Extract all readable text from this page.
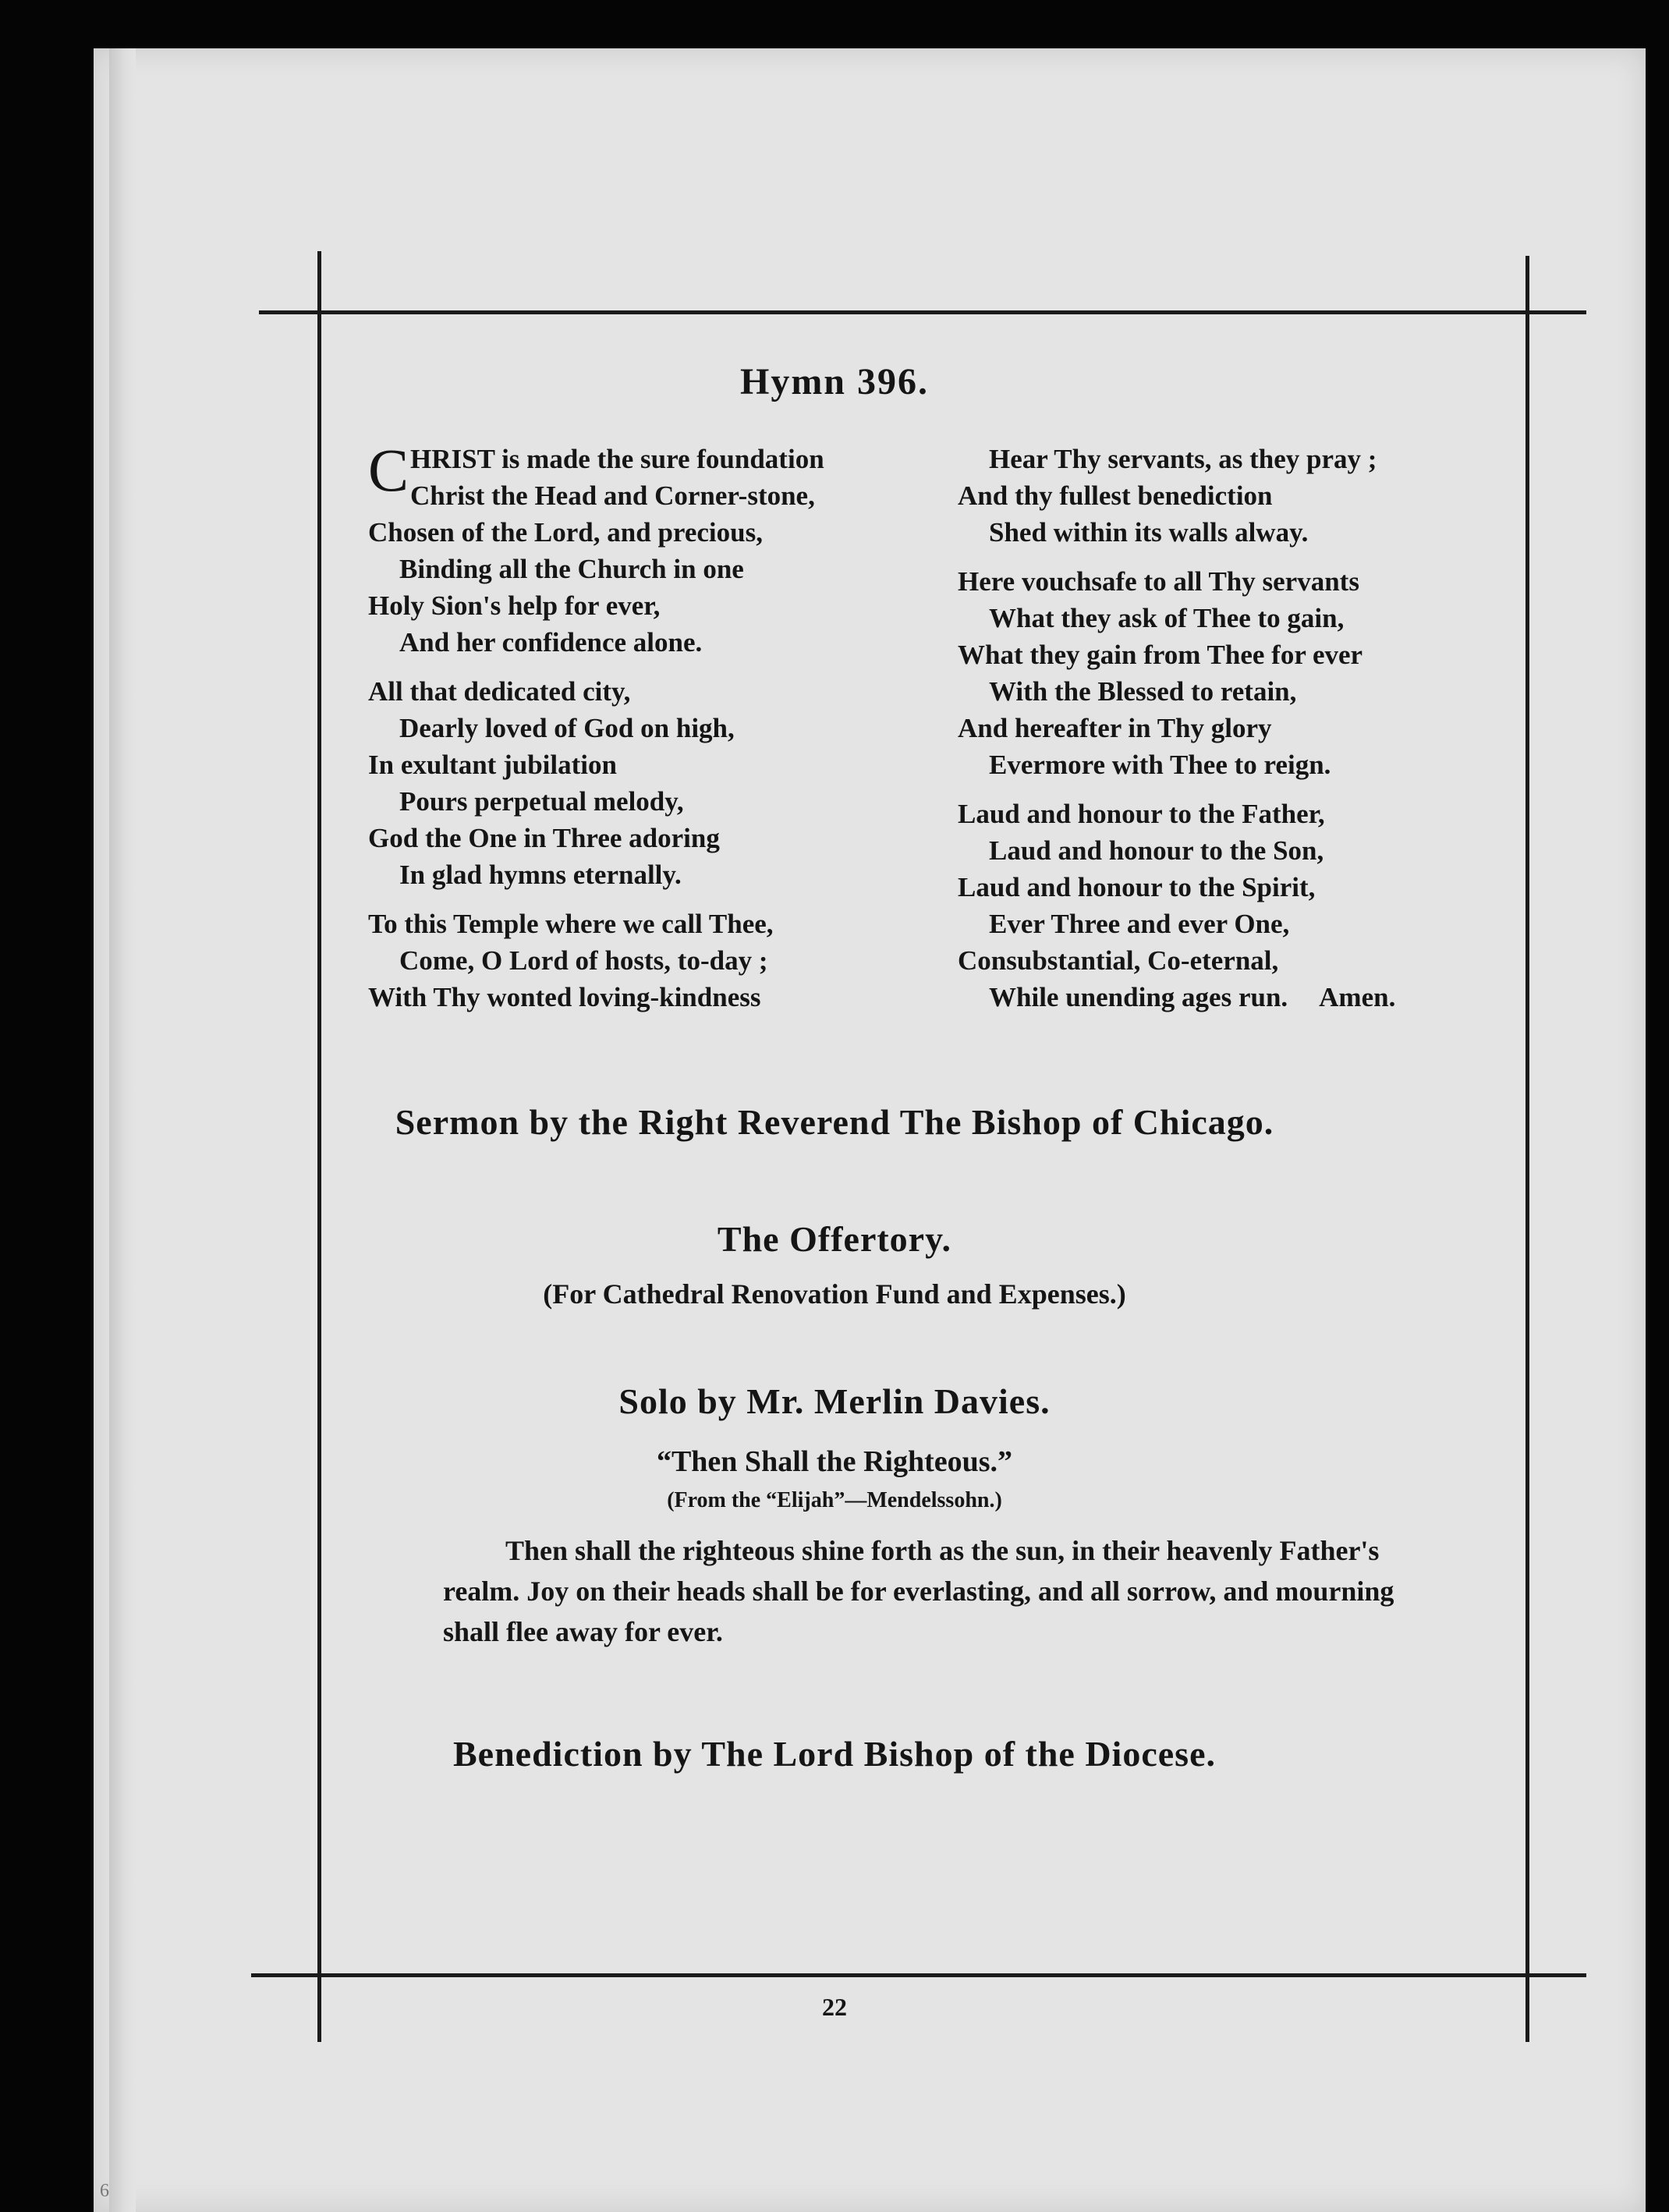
Hymn 396.
CHRIST is made the sure foundation
Christ the Head and Corner-stone,
Chosen of the Lord, and precious,
Binding all the Church in one
Holy Sion's help for ever,
And her confidence alone.
All that dedicated city,
Dearly loved of God on high,
In exultant jubilation
Pours perpetual melody,
God the One in Three adoring
In glad hymns eternally.
To this Temple where we call Thee,
Come, O Lord of hosts, to-day ;
With Thy wonted loving-kindness
Hear Thy servants, as they pray ;
And thy fullest benediction
Shed within its walls alway.
Here vouchsafe to all Thy servants
What they ask of Thee to gain,
What they gain from Thee for ever
With the Blessed to retain,
And hereafter in Thy glory
Evermore with Thee to reign.
Laud and honour to the Father,
Laud and honour to the Son,
Laud and honour to the Spirit,
Ever Three and ever One,
Consubstantial, Co-eternal,
While unending ages run. Amen.
Sermon by the Right Reverend The Bishop of Chicago.
The Offertory.
(For Cathedral Renovation Fund and Expenses.)
Solo by Mr. Merlin Davies.
“Then Shall the Righteous.”
(From the “Elijah”—Mendelssohn.)
Then shall the righteous shine forth as the sun, in their heavenly Father's realm. Joy on their heads shall be for everlasting, and all sorrow, and mourning shall flee away for ever.
Benediction by The Lord Bishop of the Diocese.
22
6
